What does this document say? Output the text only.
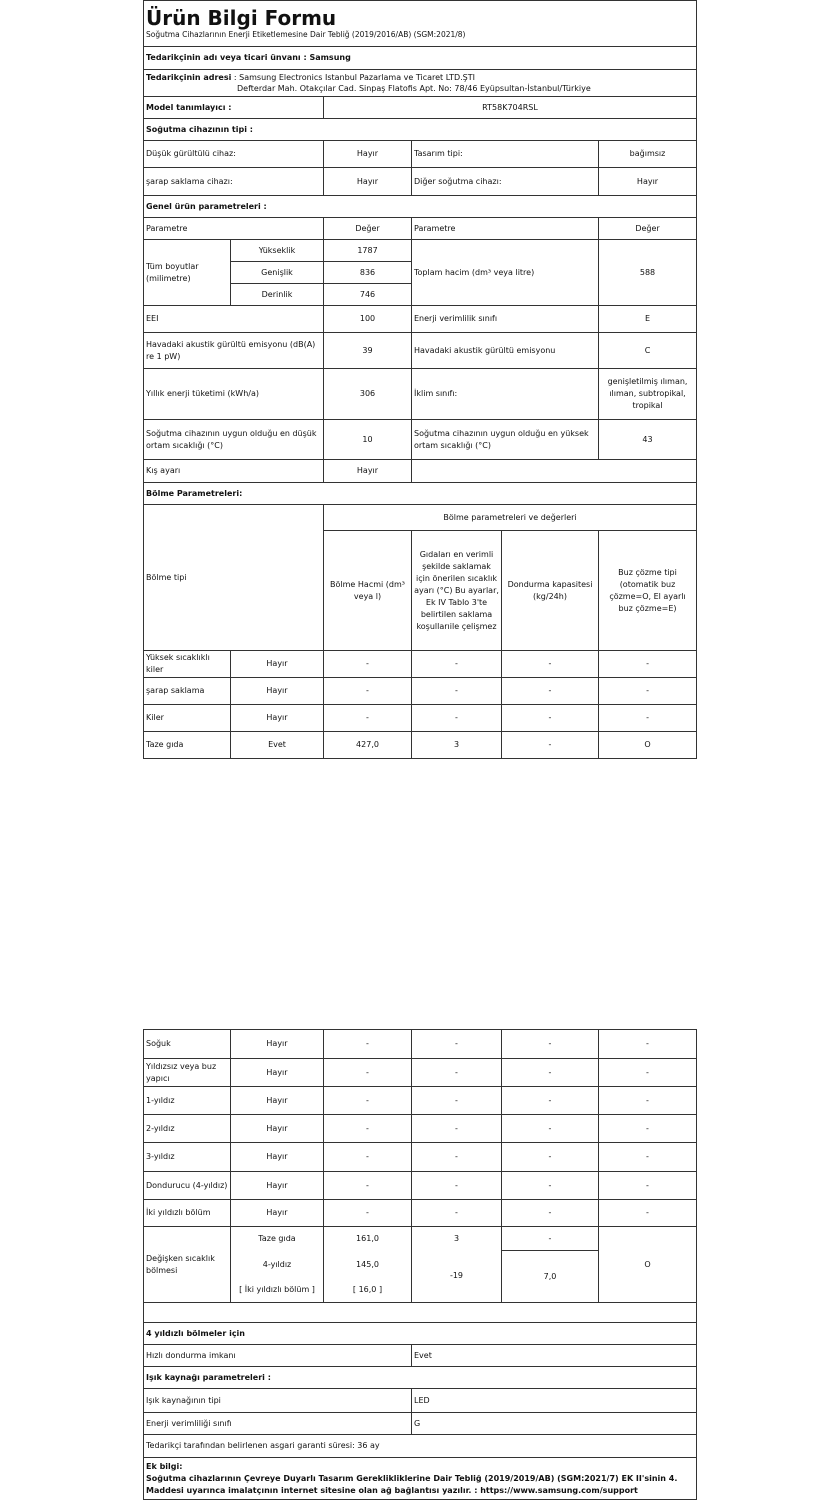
Ürün Bilgi Formu
Soğutma Cihazlarının Enerji Etiketlemesine Dair Tebliğ (2019/2016/AB) (SGM:2021/8)					

Tedarikçinin adı veya ticari ünvanı : Samsung					
Tedarikçinin adresi : Samsung Electronics Istanbul Pazarlama ve Ticaret LTD.ŞTI
Defterdar Mah. Otakçılar Cad. Sinpaş Flatofis Apt. No: 78/46 Eyüpsultan-İstanbul/Türkiye					
Model tanımlayıcı :		RT58K704RSL			
Soğutma cihazının tipi :					
Düşük gürültülü cihaz:		Hayır	Tasarım tipi:		bağımsız
şarap saklama cihazı:		Hayır	Diğer soğutma cihazı:		Hayır
Genel ürün parametreleri :					
Parametre		Değer	Parametre		Değer
Tüm boyutlar (milimetre)	Yükseklik	1787	Toplam hacim (dm³ veya litre)		588
	Genişlik	836			
	Derinlik	746			
EEI		100	Enerji verimlilik sınıfı		E
Havadaki akustik gürültü emisyonu (dB(A) re 1 pW)		39	Havadaki akustik gürültü emisyonu		C
Yıllık enerji tüketimi (kWh/a)		306	İklim sınıfı:		genişletilmiş ılıman, ılıman, subtropikal, tropikal
Soğutma cihazının uygun olduğu en düşük ortam sıcaklığı (°C)		10	Soğutma cihazının uygun olduğu en yüksek ortam sıcaklığı (°C)		43
Kış ayarı		Hayır			
Bölme Parametreleri:					
Bölme tipi		Bölme parametreleri ve değerleri			
		Bölme Hacmi (dm³ veya l)	Gıdaları en verimli şekilde saklamak için önerilen sıcaklık ayarı (°C) Bu ayarlar, Ek IV Tablo 3'te belirtilen saklama koşullarıile çelişmez	Dondurma kapasitesi (kg/24h)	Buz çözme tipi (otomatik buz çözme=O, El ayarlı buz çözme=E)
Yüksek sıcaklıklı kiler	Hayır	-	-	-	-
şarap saklama	Hayır	-	-	-	-
Kiler	Hayır	-	-	-	-
Taze gıda	Evet	427,0	3	-	O
Soğuk	Hayır	-	-	-	-
Yıldızsız veya buz yapıcı	Hayır	-	-	-	-
1-yıldız	Hayır	-	-	-	-
2-yıldız	Hayır	-	-	-	-
3-yıldız	Hayır	-	-	-	-
Dondurucu (4-yıldız)	Hayır	-	-	-	-
İki yıldızlı bölüm	Hayır	-	-	-	-
Değişken sıcaklık bölmesi	Taze gıda	161,0	3	-	O
	4-yıldız	145,0	-19	7,0	
	[ İki yıldızlı bölüm ]	[ 16,0 ]			

4 yıldızlı bölmeler için					
Hızlı dondurma imkanı			Evet		
Işık kaynağı parametreleri :					
Işık kaynağının tipi			LED		
Enerji verimliliği sınıfı			G		
Tedarikçi tarafından belirlenen asgari garanti süresi: 36 ay					
Ek bilgi:
Soğutma cihazlarının Çevreye Duyarlı Tasarım Gereklikliklerine Dair Tebliğ (2019/2019/AB) (SGM:2021/7) EK II'sinin 4. Maddesi uyarınca imalatçının internet sitesine olan ağ bağlantısı yazılır. : https://www.samsung.com/support					
